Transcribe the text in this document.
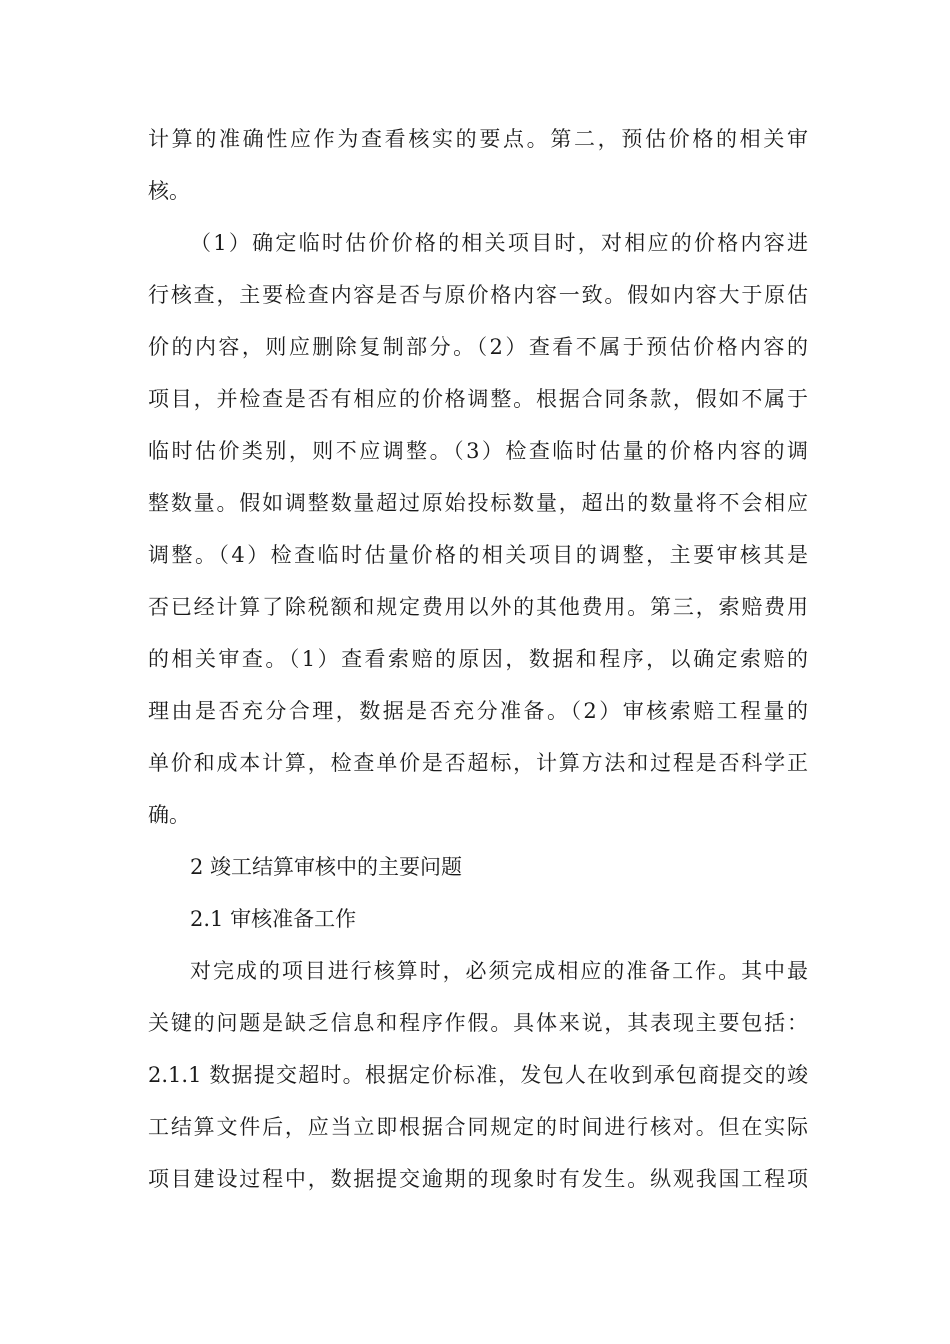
计算的准确性应作为查看核实的要点。第二，预估价格的相关审
核。
（1）确定临时估价价格的相关项目时，对相应的价格内容进
行核查，主要检查内容是否与原价格内容一致。假如内容大于原估
价的内容，则应删除复制部分。（2）查看不属于预估价格内容的
项目，并检查是否有相应的价格调整。根据合同条款，假如不属于
临时估价类别，则不应调整。（3）检查临时估量的价格内容的调
整数量。假如调整数量超过原始投标数量，超出的数量将不会相应
调整。（4）检查临时估量价格的相关项目的调整，主要审核其是
否已经计算了除税额和规定费用以外的其他费用。第三，索赔费用
的相关审查。（1）查看索赔的原因，数据和程序，以确定索赔的
理由是否充分合理，数据是否充分准备。（2）审核索赔工程量的
单价和成本计算，检查单价是否超标，计算方法和过程是否科学正
确。
2 竣工结算审核中的主要问题
2.1 审核准备工作
对完成的项目进行核算时，必须完成相应的准备工作。其中最
关键的问题是缺乏信息和程序作假。具体来说，其表现主要包括：
2.1.1 数据提交超时。根据定价标准，发包人在收到承包商提交的竣
工结算文件后，应当立即根据合同规定的时间进行核对。但在实际
项目建设过程中，数据提交逾期的现象时有发生。纵观我国工程项
